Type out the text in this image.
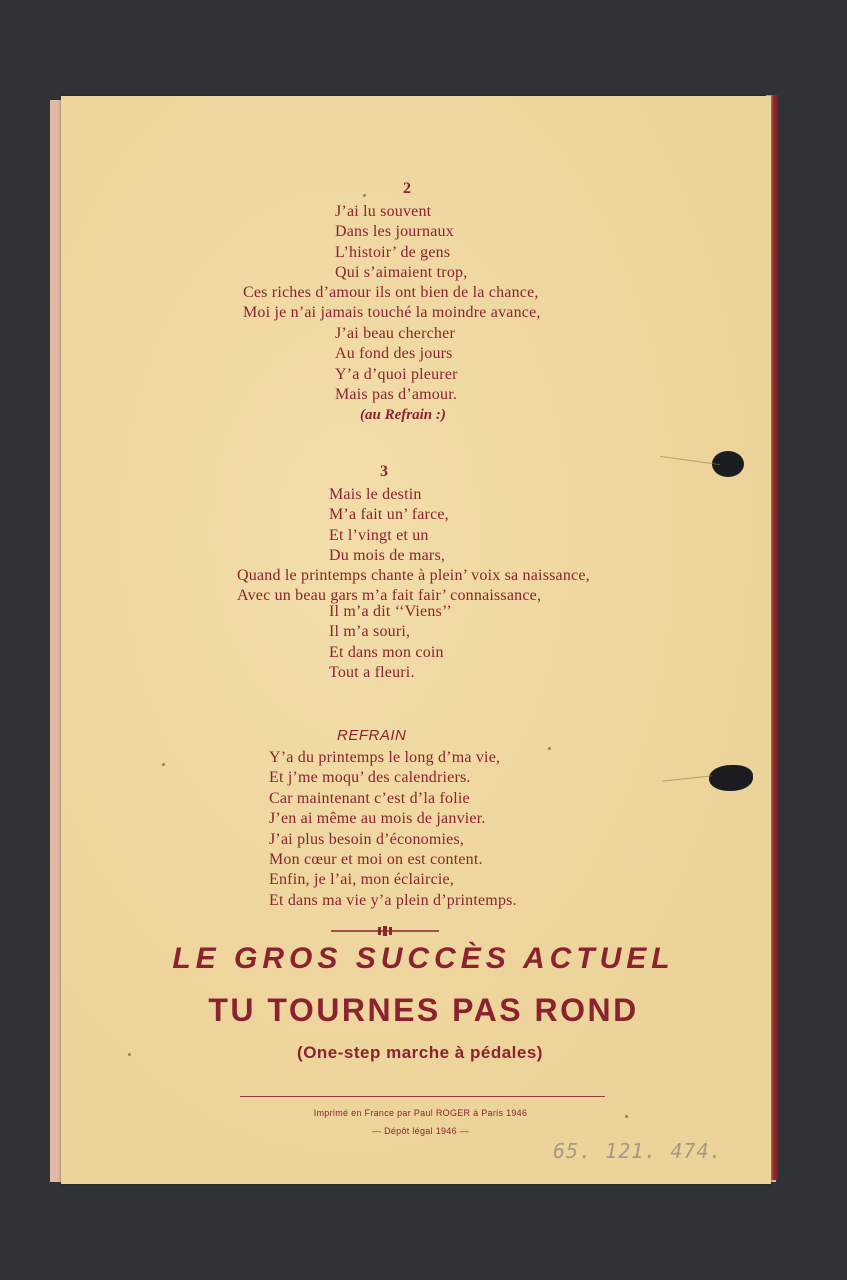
2
J’ai lu souvent
Dans les journaux
L’histoir’ de gens
Qui s’aimaient trop,
Ces riches d’amour ils ont bien de la chance,
Moi je n’ai jamais touché la moindre avance,
J’ai beau chercher
Au fond des jours
Y’a d’quoi pleurer
Mais pas d’amour.
(au Refrain :)
3
Mais le destin
M’a fait un’ farce,
Et l’vingt et un
Du mois de mars,
Quand le printemps chante à plein’ voix sa naissance,
Avec un beau gars m’a fait fair’ connaissance,
Il m’a dit ‘‘Viens’’
Il m’a souri,
Et dans mon coin
Tout a fleuri.
REFRAIN
Y’a du printemps le long d’ma vie,
Et j’me moqu’ des calendriers.
Car maintenant c’est d’la folie
J’en ai même au mois de janvier.
J’ai plus besoin d’économies,
Mon cœur et moi on est content.
Enfin, je l’ai, mon éclaircie,
Et dans ma vie y’a plein d’printemps.
LE GROS SUCCÈS ACTUEL
TU TOURNES PAS ROND
(One-step marche à pédales)
Imprimé en France par Paul ROGER à Paris 1946
— Dépôt légal 1946 —
65. 121. 474.
